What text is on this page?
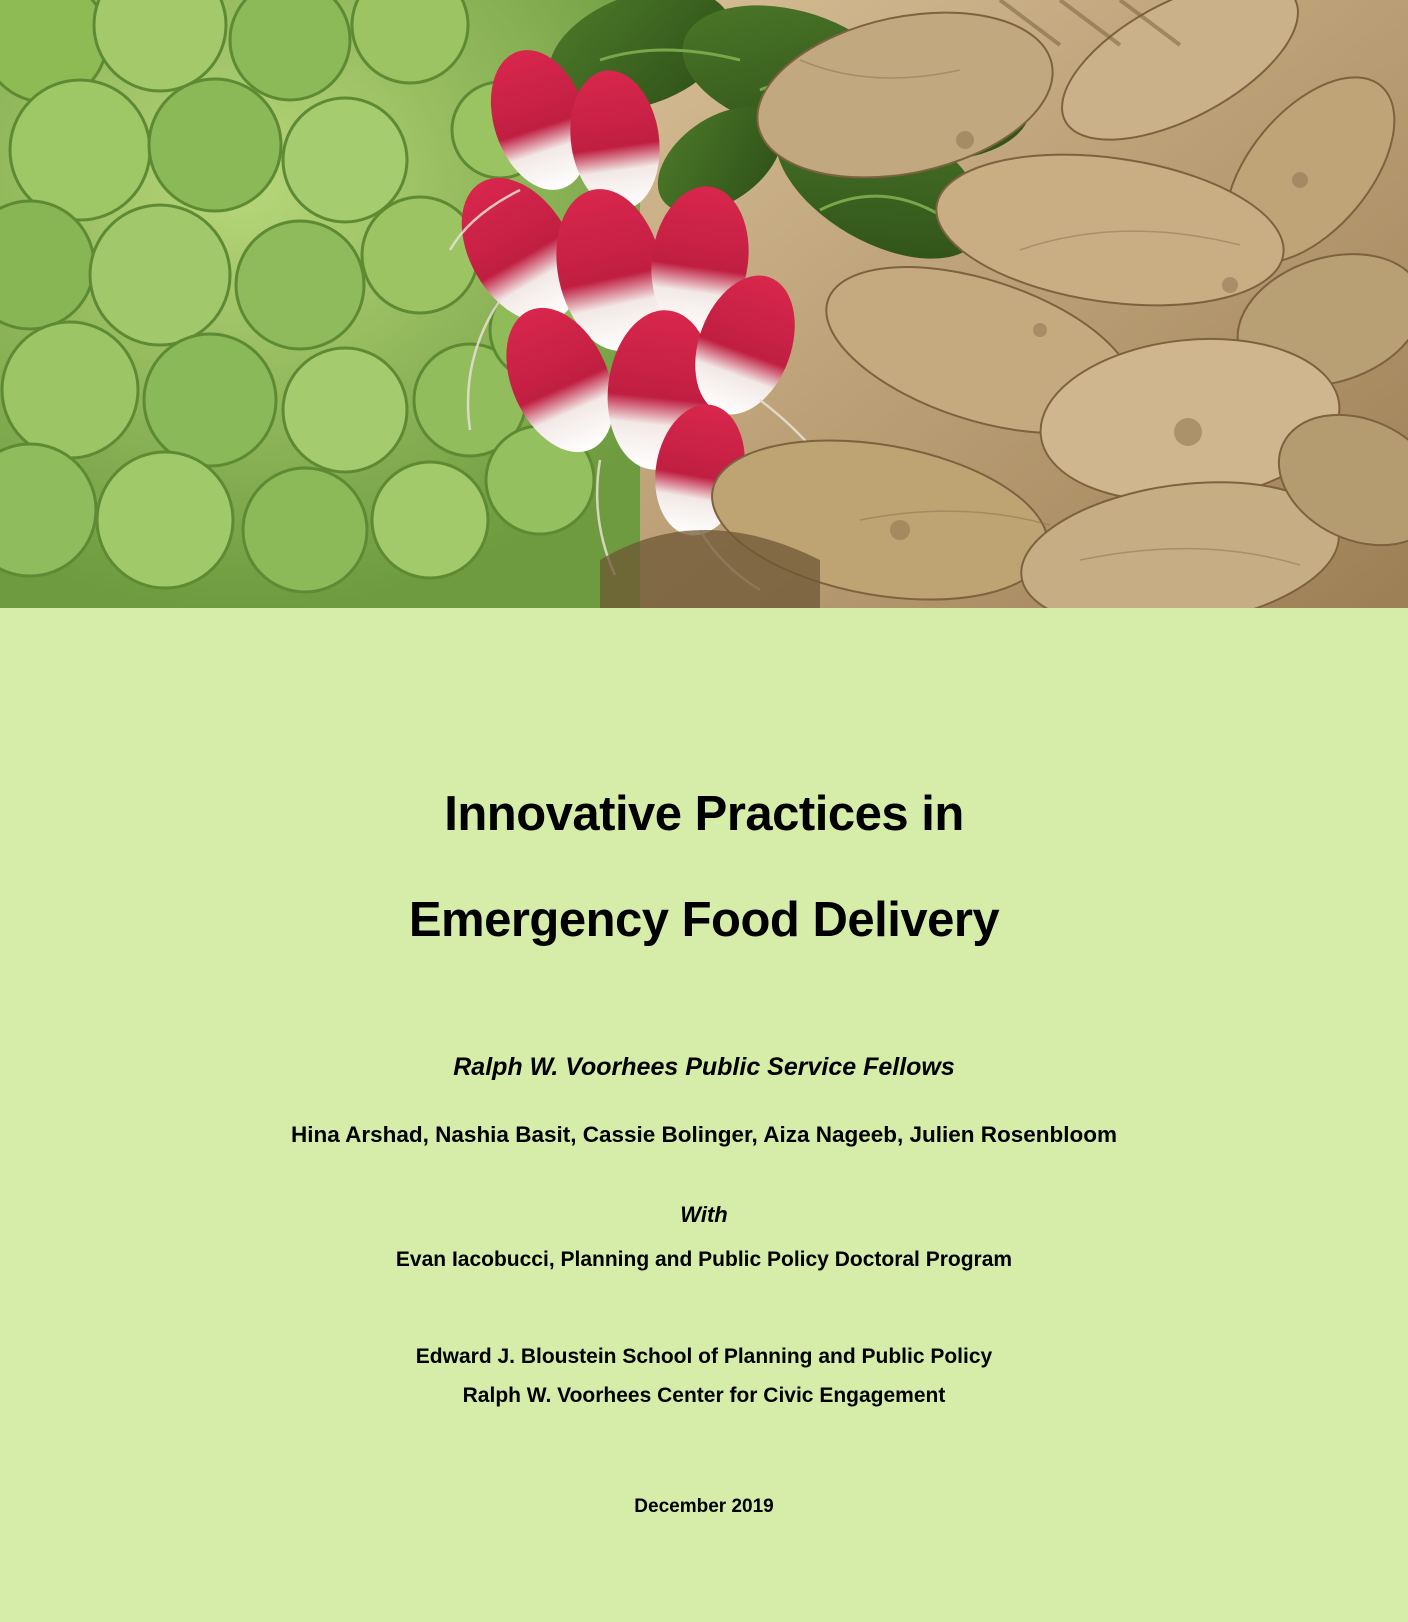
Innovative Practices in
Emergency Food Delivery
Ralph W. Voorhees Public Service Fellows
Hina Arshad, Nashia Basit, Cassie Bolinger, Aiza Nageeb, Julien Rosenbloom
With
Evan Iacobucci, Planning and Public Policy Doctoral Program
Edward J. Bloustein School of Planning and Public Policy
Ralph W. Voorhees Center for Civic Engagement
December 2019
